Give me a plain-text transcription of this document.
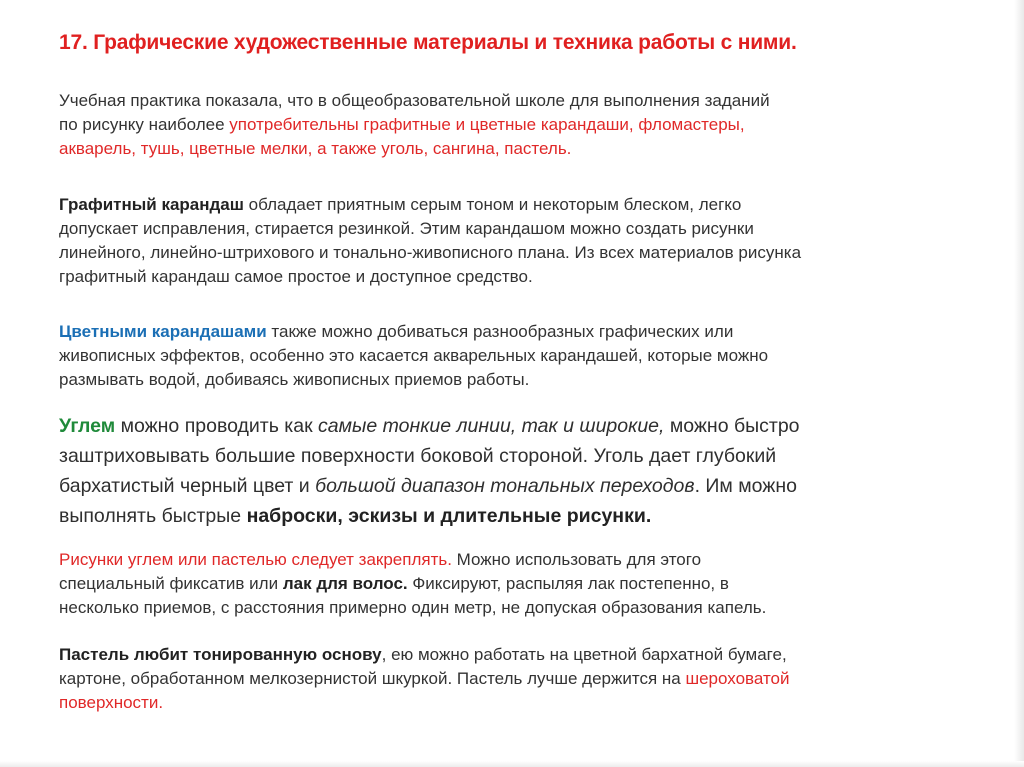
17. Графические художественные материалы и техника работы с ними.
Учебная практика показала, что в общеобразовательной школе для выполнения заданий
по рисунку наиболее употребительны графитные и цветные карандаши, фломастеры,
акварель, тушь, цветные мелки, а также уголь, сангина, пастель.
Графитный карандаш обладает приятным серым тоном и некоторым блеском, легко
допускает исправления, стирается резинкой. Этим карандашом можно создать рисунки
линейного, линейно-штрихового и тонально-живописного плана. Из всех материалов рисунка
графитный карандаш самое простое и доступное средство.
Цветными карандашами также можно добиваться разнообразных графических или
живописных эффектов, особенно это касается акварельных карандашей, которые можно
размывать водой, добиваясь живописных приемов работы.
Углем можно проводить как самые тонкие линии, так и широкие, можно быстро
заштриховывать большие поверхности боковой стороной. Уголь дает глубокий
бархатистый черный цвет и большой диапазон тональных переходов. Им можно
выполнять быстрые наброски, эскизы и длительные рисунки.
Рисунки углем или пастелью следует закреплять. Можно использовать для этого
специальный фиксатив или лак для волос. Фиксируют, распыляя лак постепенно, в
несколько приемов, с расстояния примерно один метр, не допуская образования капель.
Пастель любит тонированную основу, ею можно работать на цветной бархатной бумаге,
картоне, обработанном мелкозернистой шкуркой. Пастель лучше держится на шероховатой
поверхности.
